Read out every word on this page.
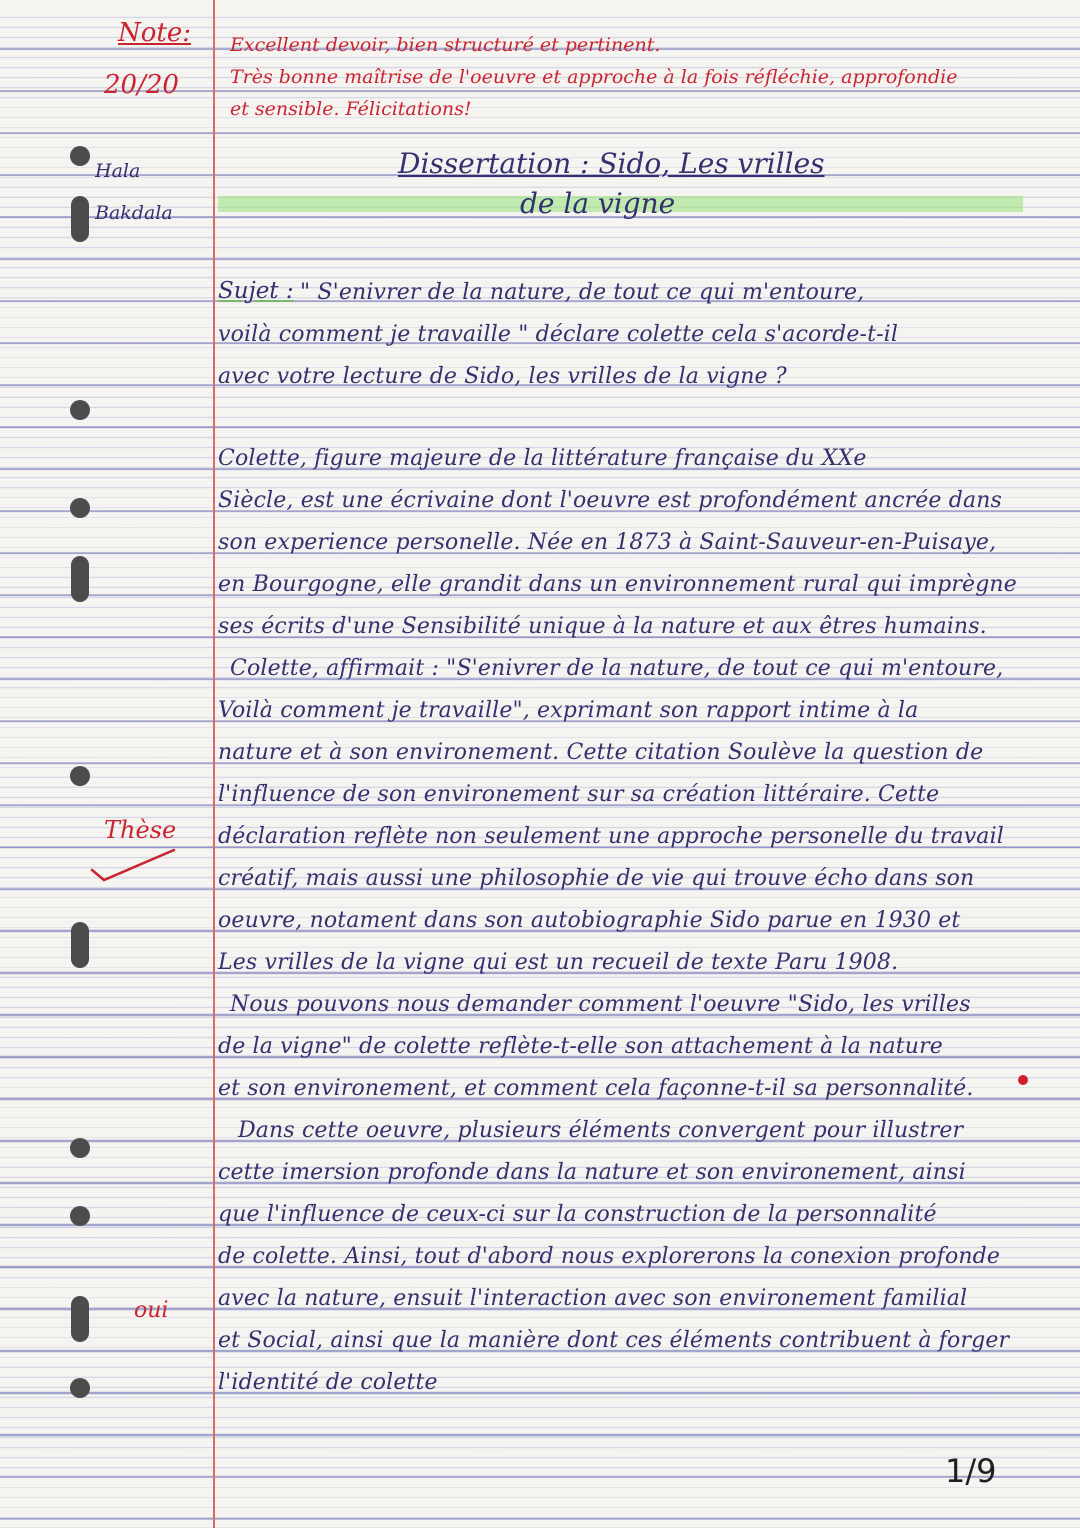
Note:
20/20
Excellent devoir, bien structuré et pertinent.
Très bonne maîtrise de l'oeuvre et approche à la fois réfléchie, approfondie
et sensible. Félicitations!
Hala
Bakdala
Dissertation : Sido, Les vrilles
de la vigne
Sujet : " S'enivrer de la nature, de tout ce qui m'entoure,
voilà comment je travaille " déclare colette cela s'acorde-t-il
avec votre lecture de Sido, les vrilles de la vigne ?
Colette, figure majeure de la littérature française du XXe
Siècle, est une écrivaine dont l'oeuvre est profondément ancrée dans
son experience personelle. Née en 1873 à Saint-Sauveur-en-Puisaye,
en Bourgogne, elle grandit dans un environnement rural qui imprègne
ses écrits d'une Sensibilité unique à la nature et aux êtres humains.
Colette, affirmait : "S'enivrer de la nature, de tout ce qui m'entoure,
Voilà comment je travaille", exprimant son rapport intime à la
nature et à son environement. Cette citation Soulève la question de
l'influence de son environement sur sa création littéraire. Cette
déclaration reflète non seulement une approche personelle du travail
créatif, mais aussi une philosophie de vie qui trouve écho dans son
oeuvre, notament dans son autobiographie Sido parue en 1930 et
Les vrilles de la vigne qui est un recueil de texte Paru 1908.
Nous pouvons nous demander comment l'oeuvre "Sido, les vrilles
de la vigne" de colette reflète-t-elle son attachement à la nature
et son environement, et comment cela façonne-t-il sa personnalité.
Dans cette oeuvre, plusieurs éléments convergent pour illustrer
cette imersion profonde dans la nature et son environement, ainsi
que l'influence de ceux-ci sur la construction de la personnalité
de colette. Ainsi, tout d'abord nous explorerons la conexion profonde
avec la nature, ensuit l'interaction avec son environement familial
et Social, ainsi que la manière dont ces éléments contribuent à forger
l'identité de colette
Thèse
oui
1/9
